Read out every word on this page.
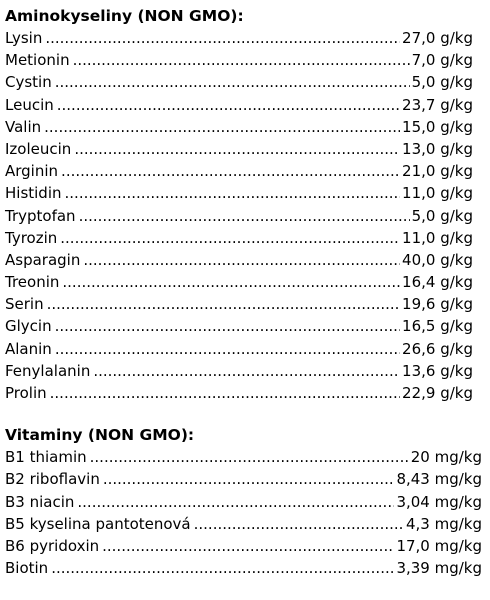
Aminokyseliny (NON GMO):
Lysin .....	27,0 g/kg
Metionin .....	7,0 g/kg
Cystin .....	5,0 g/kg
Leucin .....	23,7 g/kg
Valin .....	15,0 g/kg
Izoleucin .....	13,0 g/kg
Arginin .....	21,0 g/kg
Histidin .....	11,0 g/kg
Tryptofan .....	5,0 g/kg
Tyrozin .....	11,0 g/kg
Asparagin .....	40,0 g/kg
Treonin .....	16,4 g/kg
Serin .....	19,6 g/kg
Glycin .....	16,5 g/kg
Alanin .....	26,6 g/kg
Fenylalanin .....	13,6 g/kg
Prolin .....	22,9 g/kg
Vitaminy (NON GMO):
B1 thiamin .....	20 mg/kg
B2 riboflavin .....	8,43 mg/kg
B3 niacin .....	3,04 mg/kg
B5 kyselina pantotenová .....	4,3 mg/kg
B6 pyridoxin .....	17,0 mg/kg
Biotin .....	3,39 mg/kg
